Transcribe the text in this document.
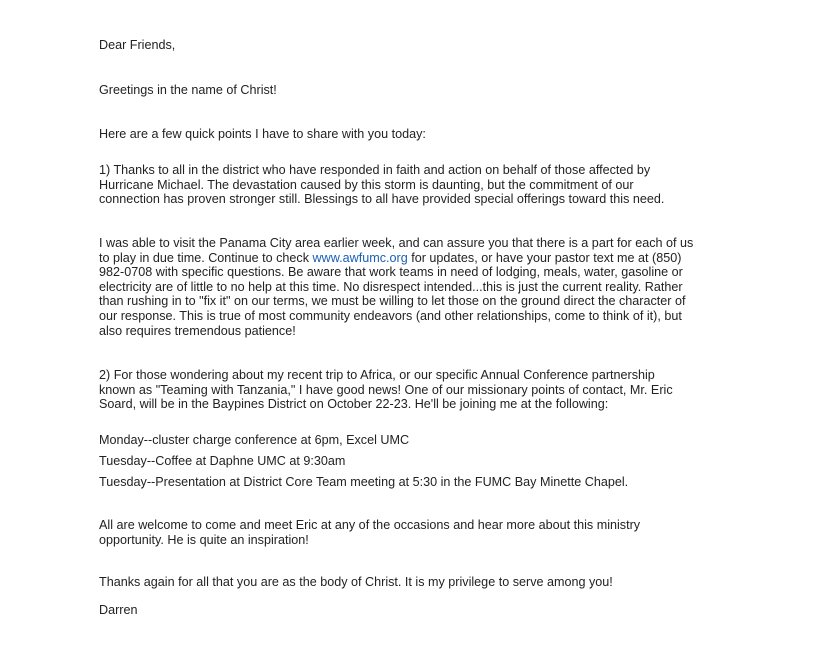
Dear Friends,

Greetings in the name of Christ!

Here are a few quick points I have to share with you today:

1) Thanks to all in the district who have responded in faith and action on behalf of those affected by
Hurricane Michael. The devastation caused by this storm is daunting, but the commitment of our
connection has proven stronger still. Blessings to all have provided special offerings toward this need.
I was able to visit the Panama City area earlier week, and can assure you that there is a part for each of us
to play in due time. Continue to check www.awfumc.org for updates, or have your pastor text me at (850)
982-0708 with specific questions. Be aware that work teams in need of lodging, meals, water, gasoline or
electricity are of little to no help at this time. No disrespect intended...this is just the current reality. Rather
than rushing in to "fix it" on our terms, we must be willing to let those on the ground direct the character of
our response. This is true of most community endeavors (and other relationships, come to think of it), but
also requires tremendous patience!
2) For those wondering about my recent trip to Africa, or our specific Annual Conference partnership
known as "Teaming with Tanzania," I have good news! One of our missionary points of contact, Mr. Eric
Soard, will be in the Baypines District on October 22-23. He'll be joining me at the following:

Monday--cluster charge conference at 6pm, Excel UMC

Tuesday--Coffee at Daphne UMC at 9:30am

Tuesday--Presentation at District Core Team meeting at 5:30 in the FUMC Bay Minette Chapel.

All are welcome to come and meet Eric at any of the occasions and hear more about this ministry
opportunity. He is quite an inspiration!

Thanks again for all that you are as the body of Christ. It is my privilege to serve among you!

Darren
